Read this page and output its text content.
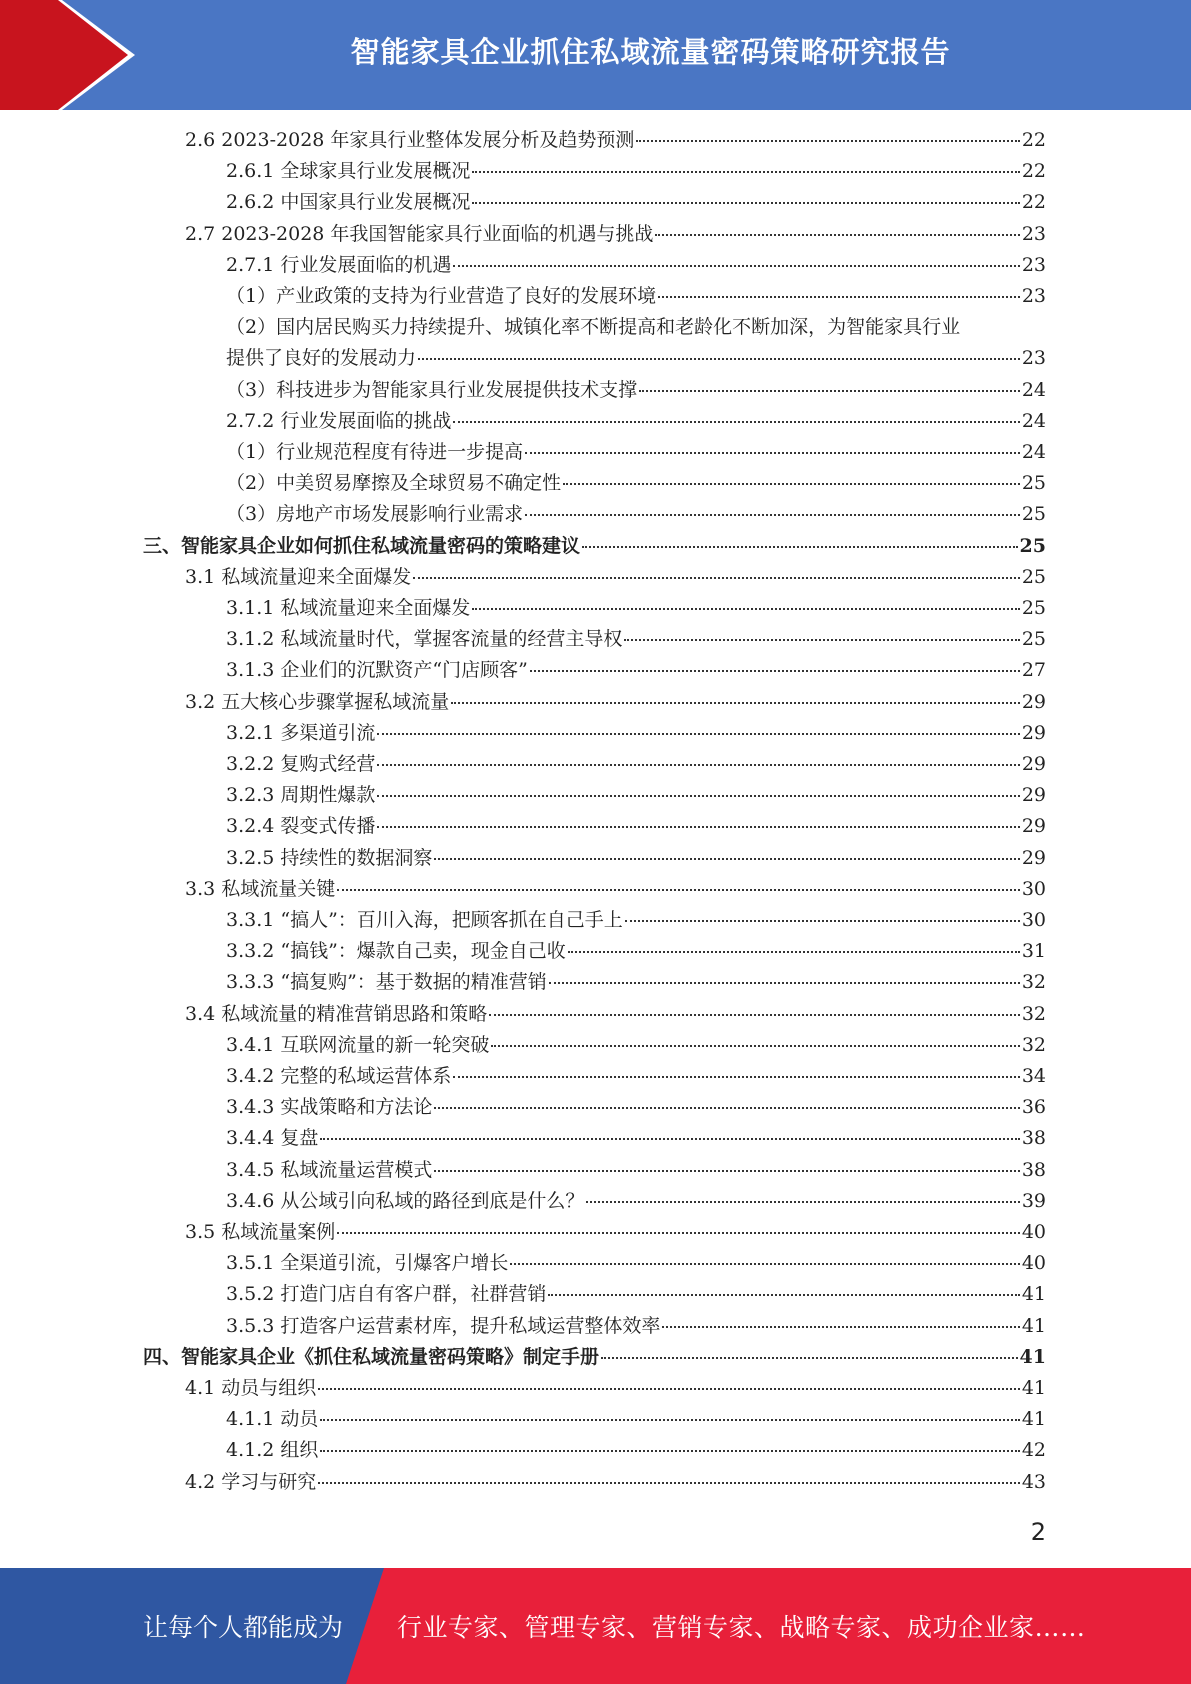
智能家具企业抓住私域流量密码策略研究报告
2.6 2023-2028 年家具行业整体发展分析及趋势预测	22
2.6.1 全球家具行业发展概况	22
2.6.2 中国家具行业发展概况	22
2.7 2023-2028 年我国智能家具行业面临的机遇与挑战	23
2.7.1 行业发展面临的机遇	23
（1）产业政策的支持为行业营造了良好的发展环境	23
（2）国内居民购买力持续提升、城镇化率不断提高和老龄化不断加深，为智能家具行业
提供了良好的发展动力	23
（3）科技进步为智能家具行业发展提供技术支撑	24
2.7.2 行业发展面临的挑战	24
（1）行业规范程度有待进一步提高	24
（2）中美贸易摩擦及全球贸易不确定性	25
（3）房地产市场发展影响行业需求	25
三、智能家具企业如何抓住私域流量密码的策略建议	25
3.1 私域流量迎来全面爆发	25
3.1.1 私域流量迎来全面爆发	25
3.1.2 私域流量时代，掌握客流量的经营主导权	25
3.1.3 企业们的沉默资产“门店顾客”	27
3.2 五大核心步骤掌握私域流量	29
3.2.1 多渠道引流	29
3.2.2 复购式经营	29
3.2.3 周期性爆款	29
3.2.4 裂变式传播	29
3.2.5 持续性的数据洞察	29
3.3 私域流量关键	30
3.3.1 “搞人”：百川入海，把顾客抓在自己手上	30
3.3.2 “搞钱”：爆款自己卖，现金自己收	31
3.3.3 “搞复购”：基于数据的精准营销	32
3.4 私域流量的精准营销思路和策略	32
3.4.1 互联网流量的新一轮突破	32
3.4.2 完整的私域运营体系	34
3.4.3 实战策略和方法论	36
3.4.4 复盘	38
3.4.5 私域流量运营模式	38
3.4.6 从公域引向私域的路径到底是什么？	39
3.5 私域流量案例	40
3.5.1 全渠道引流，引爆客户增长	40
3.5.2 打造门店自有客户群，社群营销	41
3.5.3 打造客户运营素材库，提升私域运营整体效率	41
四、智能家具企业《抓住私域流量密码策略》制定手册	41
4.1 动员与组织	41
4.1.1 动员	41
4.1.2 组织	42
4.2 学习与研究	43
2
让每个人都能成为 行业专家、管理专家、营销专家、战略专家、成功企业家……
